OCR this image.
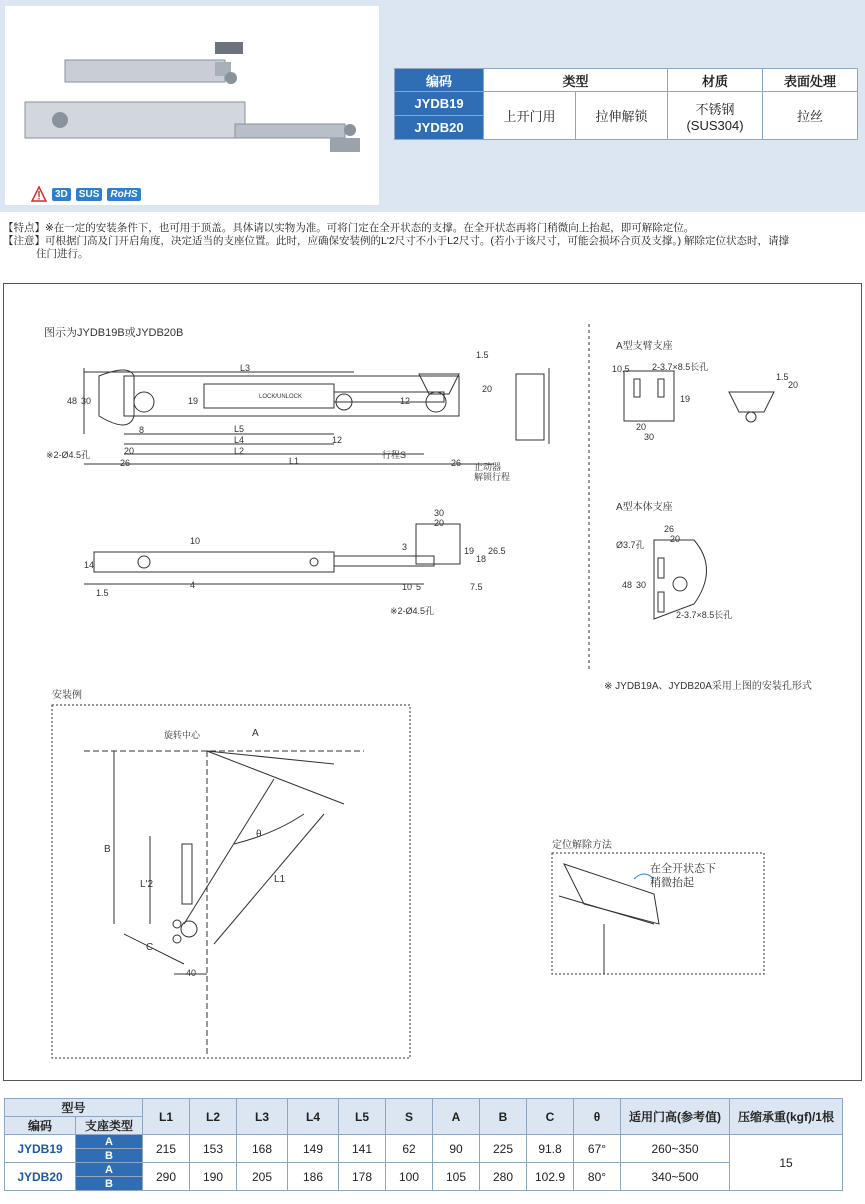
3D	SUS	RoHS
编码	类型		材质	表面处理
JYDB19	上开门用	拉伸解锁	不锈钢
(SUS304)	拉丝
JYDB20				
【特点】※在一定的安装条件下，也可用于顶盖。具体请以实物为准。可将门定在全开状态的支撑。在全开状态再将门稍微向上抬起，即可解除定位。
【注意】可根据门高及门开启角度，决定适当的支座位置。此时，应确保安装例的L'2尺寸不小于L2尺寸。(若小于该尺寸，可能会损坏合页及支撑。) 解除定位状态时，请撑
住门进行。
LOCK/UNLOCK
图示为JYDB19B或JYDB20B
L3
L5
L4
L2
L1
48 30	19	12
8
20
26
12
26
1.5
20
※2-Ø4.5孔	行程S
止动器
解锁行程
10
4
14
1.5
30
20
3	19
18
26.5
10	7.5
5
※2-Ø4.5孔
A型支臂支座
2-3.7×8.5长孔
10.5
19
20
30
1.5
20
A型本体支座
Ø3.7孔
26
20
48 30
2-3.7×8.5长孔
※ JYDB19A、JYDB20A采用上图的安装孔形式
安装例
旋转中心	A
B
C
L'2	L1
θ
40
定位解除方法
在全开状态下
稍微抬起
型号		L1	L2	L3	L4	L5	S	A	B	C	θ	适用门高(参考值)	压缩承重(kgf)/1根
编码	支座类型												
JYDB19	A	215	153	168	149	141	62	90	225	91.8	67°	260~350	15
	B												
JYDB20	A	290	190	205	186	178	100	105	280	102.9	80°	340~500	
	B												
